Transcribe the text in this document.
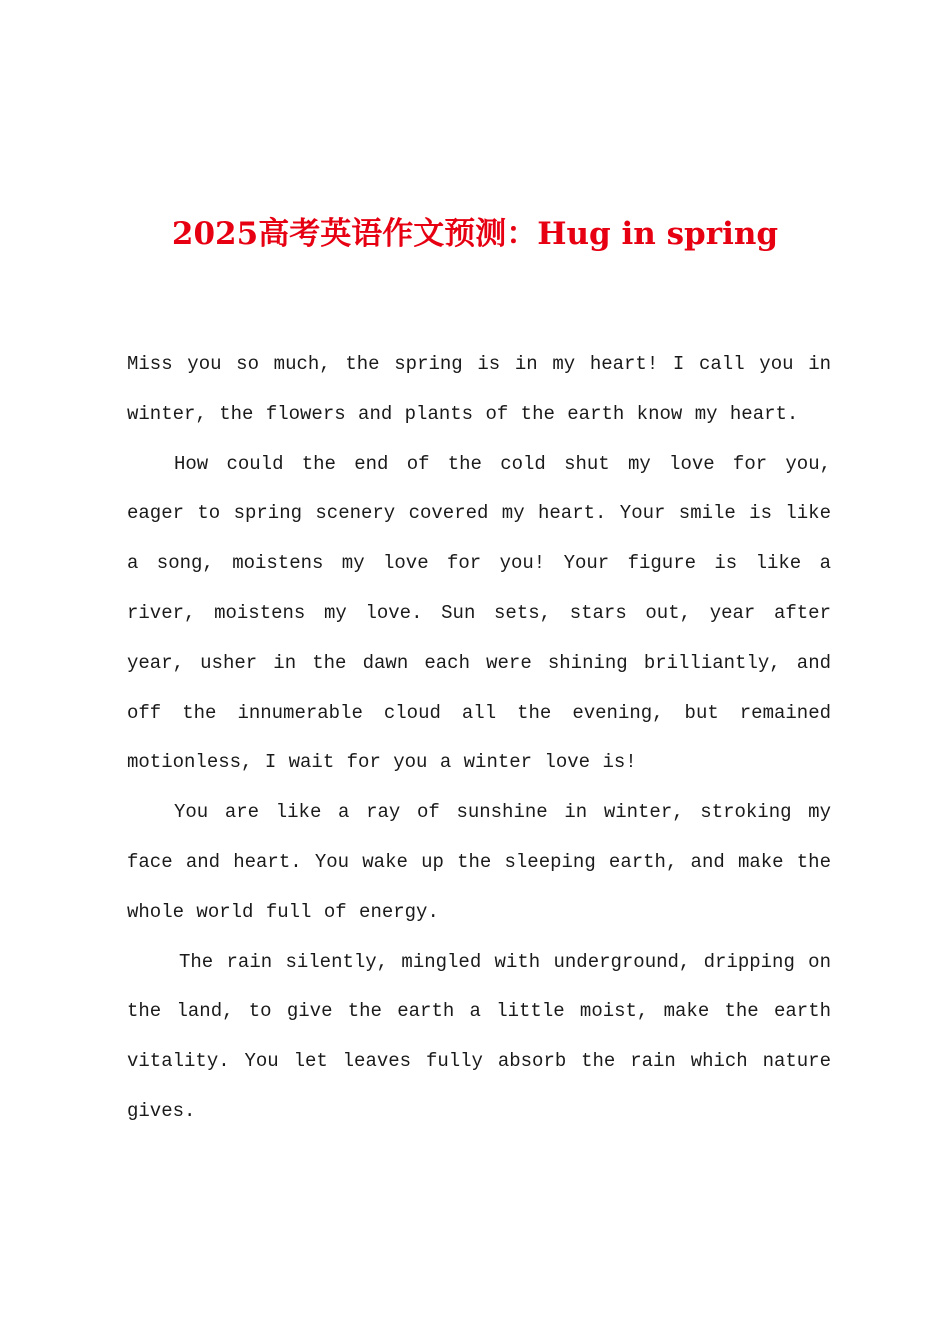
2025高考英语作文预测：Hug in spring

Miss you so much, the spring is in my heart! I call you in winter, the flowers and plants of the earth know my heart.

How could the end of the cold shut my love for you, eager to spring scenery covered my heart. Your smile is like a song, moistens my love for you! Your figure is like a river, moistens my love. Sun sets, stars out, year after year, usher in the dawn each were shining brilliantly, and off the innumerable cloud all the evening, but remained motionless, I wait for you a winter love is!

You are like a ray of sunshine in winter, stroking my face and heart. You wake up the sleeping earth, and make the whole world full of energy.

The rain silently, mingled with underground, dripping on the land, to give the earth a little moist, make the earth vitality. You let leaves fully absorb the rain which nature gives.
